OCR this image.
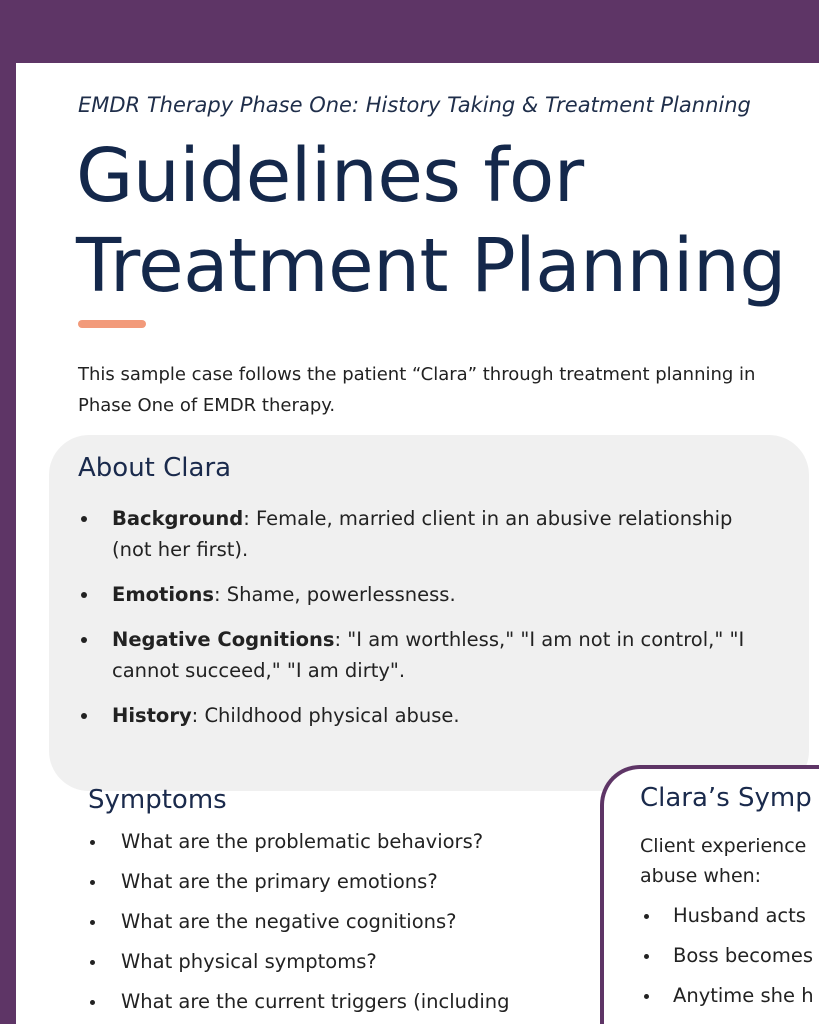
EMDR Therapy Phase One: History Taking & Treatment Planning
Guidelines for
Treatment Planning
This sample case follows the patient “Clara” through treatment planning in Phase One of EMDR therapy.
About Clara
Background: Female, married client in an abusive relationship (not her first).
Emotions: Shame, powerlessness.
Negative Cognitions: "I am worthless," "I am not in control," "I cannot succeed," "I am dirty".
History: Childhood physical abuse.
Symptoms
What are the problematic behaviors?
What are the primary emotions?
What are the negative cognitions?
What physical symptoms?
What are the current triggers (including
Clara’s Symp
Client experience
abuse when:
Husband acts
Boss becomes
Anytime she h
